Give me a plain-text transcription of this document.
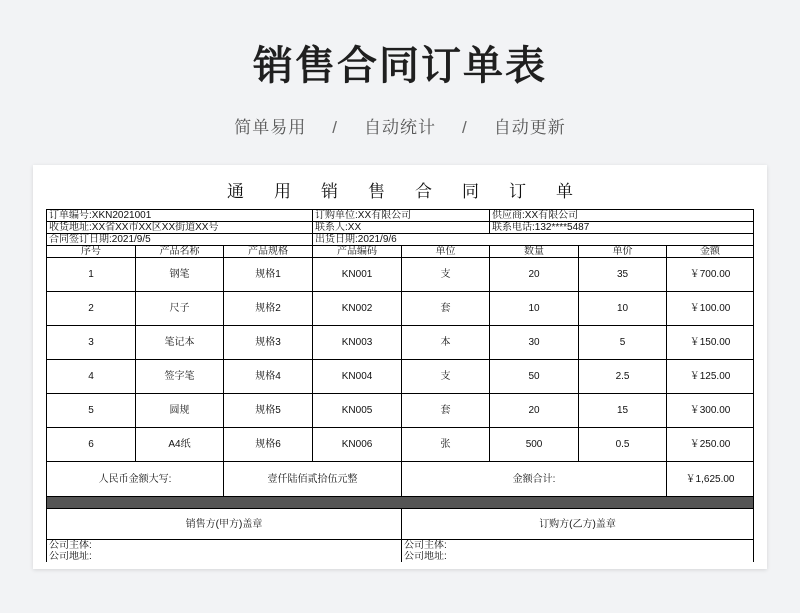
销售合同订单表
简单易用 / 自动统计 / 自动更新
通用销售合同订单
订单编号:XKN2021001			订购单位:XX有限公司		供应商:XX有限公司		
收货地址:XX省XX市XX区XX街道XX号			联系人:XX		联系电话:132****5487		
合同签订日期:2021/9/5			出货日期:2021/9/6				
序号	产品名称	产品规格	产品编码	单位	数量	单价	金额
1	钢笔	规格1	KN001	支	20	35	￥700.00
2	尺子	规格2	KN002	套	10	10	￥100.00
3	笔记本	规格3	KN003	本	30	5	￥150.00
4	签字笔	规格4	KN004	支	50	2.5	￥125.00
5	圆规	规格5	KN005	套	20	15	￥300.00
6	A4纸	规格6	KN006	张	500	0.5	￥250.00
人民币金额大写:		壹仟陆佰贰拾伍元整		金额合计:			￥1,625.00

销售方(甲方)盖章				订购方(乙方)盖章			
公司主体:				公司主体:			
公司地址:				公司地址:			
